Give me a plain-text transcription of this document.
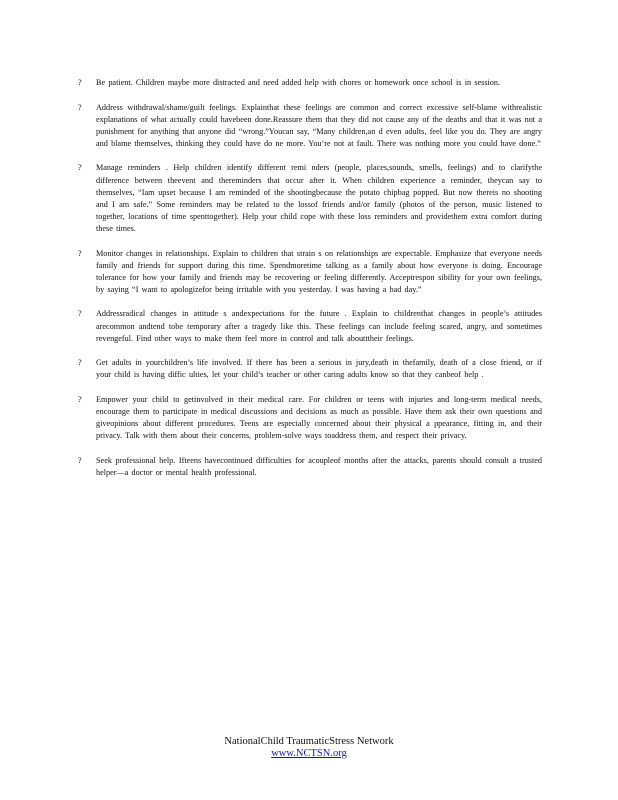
?	Be patient. Children maybe more distracted and need added help with chores or homework once school is in session.
?	Address withdrawal/shame/guilt feelings. Explainthat these feelings are common and correct excessive self-blame withrealistic explanations of what actually could havebeen done.Reassure them that they did not cause any of the deaths and that it was not a punishment for anything that anyone did “wrong.”Youcan say, “Many children,an d even adults, feel like you do. They are angry and blame themselves, thinking they could have do ne more. You’re not at fault. There was nothing more you could have done.”
?	Manage reminders . Help children identify different remi nders (people, places,sounds, smells, feelings) and to clarifythe difference between theevent and thereminders that occur after it. When children experience a reminder, theycan say to themselves, “Iam upset because I am reminded of the shootingbecause the potato chipbag popped. But now thereis no shooting and I am safe.” Some reminders may be related to the lossof friends and/or family (photos of the person, music listened to together, locations of time spenttogether). Help your child cope with these loss reminders and providethem extra comfort during these times.
?	Monitor changes in relationships. Explain to children that strain s on relationships are expectable. Emphasize that everyone needs family and friends for support during this time. Spendmoretime talking as a family about how everyone is doing. Encourage tolerance for how your family and friends may be recovering or feeling differently. Acceptrespon sibility for your own feelings, by saying “I want to apologizefor being irritable with you yesterday. I was having a bad day.”
?	Addressradical changes in attitude s andexpectations for the future . Explain to childrenthat changes in people’s attitudes arecommon andtend tobe temporary after a tragedy like this. These feelings can include feeling scared, angry, and sometimes revengeful. Find other ways to make them feel more in control and talk aboutttheir feelings.
?	Get adults in yourchildren’s life involved. If there has been a serious in jury,death in thefamily, death of a close friend, or if your child is having diffic ulties, let your child’s teacher or other caring adults know so that they canbeof help .
?	Empower your child to getinvolved in their medical care. For children or teens with injuries and long-term medical needs, encourage them to participate in medical discussions and decisions as much as possible. Have them ask their own questions and giveopinions about different procedures. Teens are especially concerned about their physical a ppearance, fitting in, and their privacy. Talk with them about their concerns, problem-solve ways toaddress them, and respect their privacy.
?	Seek professional help. Ifteens havecontinued difficulties for acoupleof months after the attacks, parents should consult a trusted helper—a doctor or mental health professional.
NationalChild TraumaticStress Network
www.NCTSN.org
